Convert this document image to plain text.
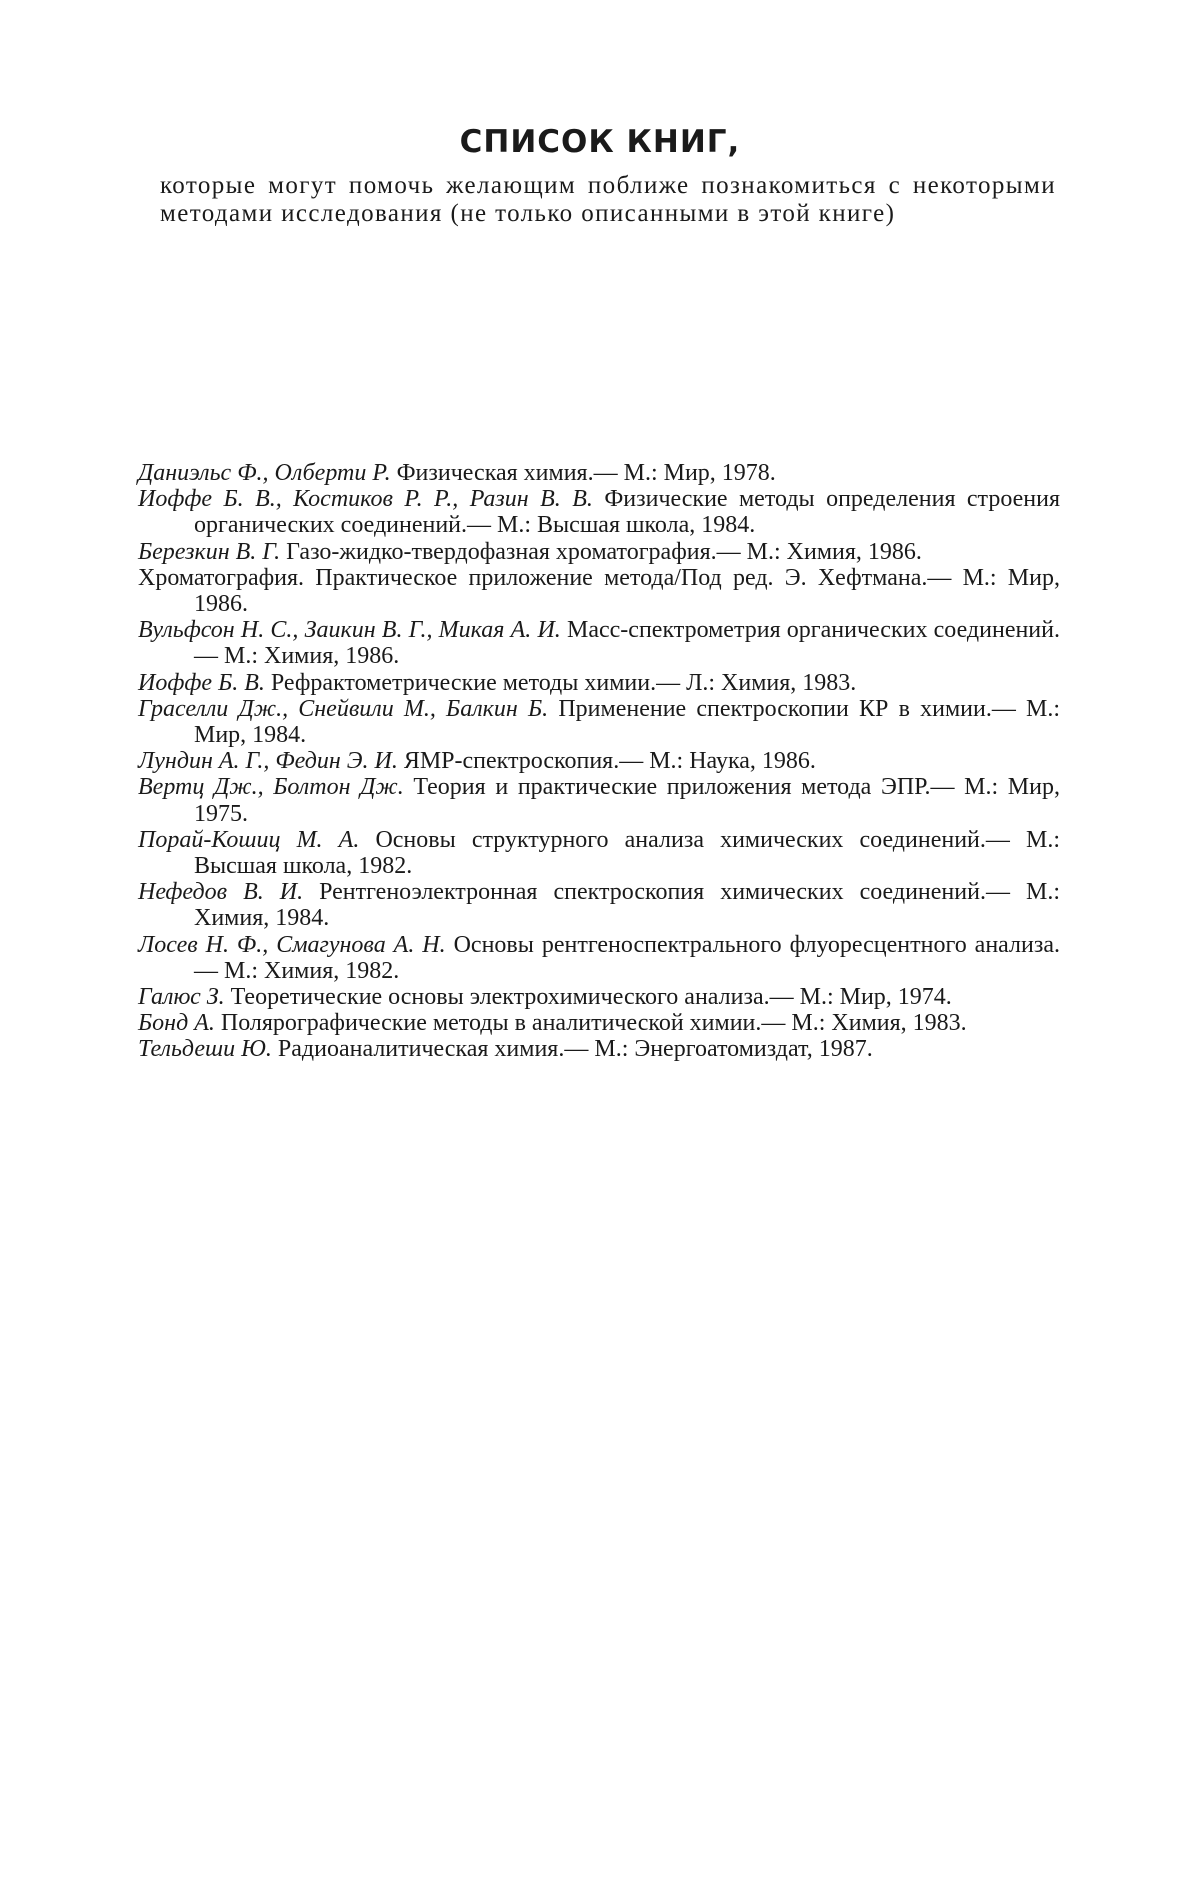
СПИСОК КНИГ,
которые могут помочь желающим поближе познакомиться с некоторыми методами исследования (не только описанными в этой книге)
Даниэльс Ф., Олберти Р. Физическая химия.— М.: Мир, 1978.
Иоффе Б. В., Костиков Р. Р., Разин В. В. Физические методы определения строения органических соединений.— М.: Высшая школа, 1984.
Березкин В. Г. Газо-жидко-твердофазная хроматография.— М.: Химия, 1986.
Хроматография. Практическое приложение метода/Под ред. Э. Хефтмана.— М.: Мир, 1986.
Вульфсон Н. С., Заикин В. Г., Микая А. И. Масс-спектрометрия органических соединений.— М.: Химия, 1986.
Иоффе Б. В. Рефрактометрические методы химии.— Л.: Химия, 1983.
Граселли Дж., Снейвили М., Балкин Б. Применение спектроскопии КР в химии.— М.: Мир, 1984.
Лундин А. Г., Федин Э. И. ЯМР-спектроскопия.— М.: Наука, 1986.
Вертц Дж., Болтон Дж. Теория и практические приложения метода ЭПР.— М.: Мир, 1975.
Порай-Кошиц М. А. Основы структурного анализа химических соединений.— М.: Высшая школа, 1982.
Нефедов В. И. Рентгеноэлектронная спектроскопия химических соединений.— М.: Химия, 1984.
Лосев Н. Ф., Смагунова А. Н. Основы рентгеноспектрального флуоресцентного анализа.— М.: Химия, 1982.
Галюс З. Теоретические основы электрохимического анализа.— М.: Мир, 1974.
Бонд А. Полярографические методы в аналитической химии.— М.: Химия, 1983.
Тельдеши Ю. Радиоаналитическая химия.— М.: Энергоатомиздат, 1987.
